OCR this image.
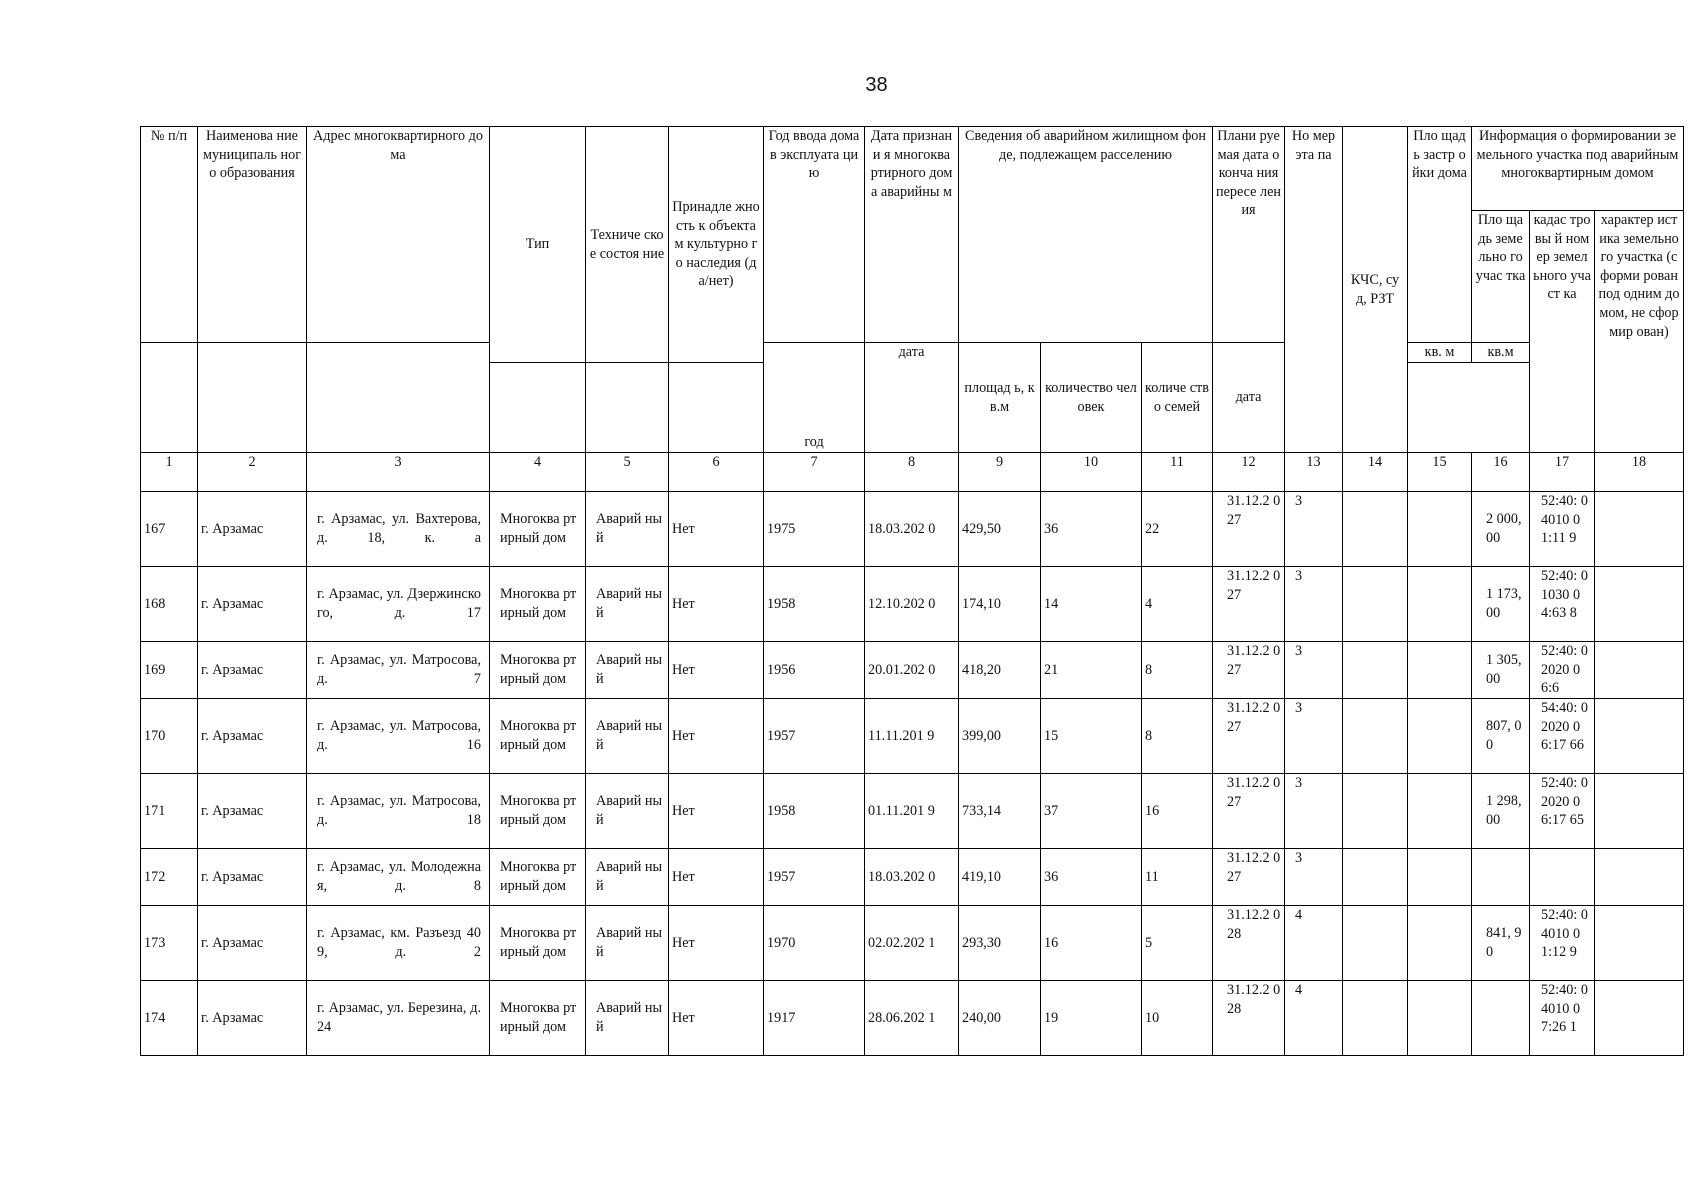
38
№ п/п	Наименова ние муниципаль ного образования	Адрес многоквартирного дома	Тип	Техниче ское состоя ние	Принадле жность к объектам культурно го наследия (да/нет)	Год ввода дома в эксплуата цию	Дата признани я многоква ртирного дома аварийны м	Сведения об аварийном жилищном фонде, подлежащем расселению			Плани руемая дата оконча ния пересе ления	Но мер эта па	КЧС, суд, РЗТ	Пло щадь застр ойки дома	Информация о формировании земельного участка под аварийным многоквартирным домом		
															Пло щадь земе льно го учас тка	кадас тровы й номер земел ьного участ ка	характер истика земельно го участка (сформи рован под одним домом, не сформир ован)
						год	дата	площад ь, кв.м	количество человек	количе ство семей	дата			кв. м	кв.м		

1	2	3	4	5	6	7	8	9	10	11	12	13	14	15	16	17	18
167	г. Арзамас	г. Арзамас, ул. Вахтерова, д. 18, к. а	Многоква ртирный дом	Аварий ный	Нет	1975	18.03.202 0	429,50	36	22	31.12.2 027	3			2 000, 00	52:40: 04010 01:11 9	
168	г. Арзамас	г. Арзамас, ул. Дзержинского, д. 17	Многоква ртирный дом	Аварий ный	Нет	1958	12.10.202 0	174,10	14	4	31.12.2 027	3			1 173, 00	52:40: 01030 04:63 8	
169	г. Арзамас	г. Арзамас, ул. Матросова, д. 7	Многоква ртирный дом	Аварий ный	Нет	1956	20.01.202 0	418,20	21	8	31.12.2 027	3			1 305, 00	52:40: 02020 06:6	
170	г. Арзамас	г. Арзамас, ул. Матросова, д. 16	Многоква ртирный дом	Аварий ный	Нет	1957	11.11.201 9	399,00	15	8	31.12.2 027	3			807, 00	54:40: 02020 06:17 66	
171	г. Арзамас	г. Арзамас, ул. Матросова, д. 18	Многоква ртирный дом	Аварий ный	Нет	1958	01.11.201 9	733,14	37	16	31.12.2 027	3			1 298, 00	52:40: 02020 06:17 65	
172	г. Арзамас	г. Арзамас, ул. Молодежная, д. 8	Многоква ртирный дом	Аварий ный	Нет	1957	18.03.202 0	419,10	36	11	31.12.2 027	3					
173	г. Арзамас	г. Арзамас, км. Разъезд 409, д. 2	Многоква ртирный дом	Аварий ный	Нет	1970	02.02.202 1	293,30	16	5	31.12.2 028	4			841, 90	52:40: 04010 01:12 9	
174	г. Арзамас	г. Арзамас, ул. Березина, д. 24	Многоква ртирный дом	Аварий ный	Нет	1917	28.06.202 1	240,00	19	10	31.12.2 028	4				52:40: 04010 07:26 1	
